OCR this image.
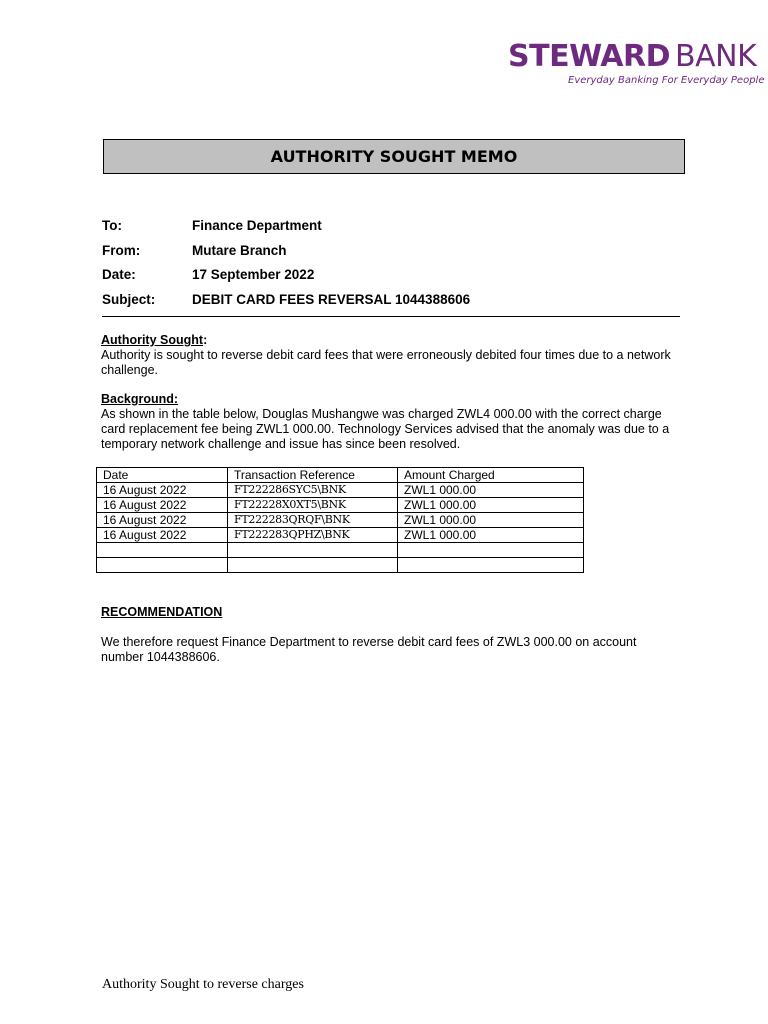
STEWARD BANK
Everyday Banking For Everyday People
AUTHORITY SOUGHT MEMO
To:	Finance Department
From:	Mutare Branch
Date:	17 September 2022
Subject:	DEBIT CARD FEES REVERSAL 1044388606
Authority Sought:
Authority is sought to reverse debit card fees that were erroneously debited four times due to a network
challenge.
Background:
As shown in the table below, Douglas Mushangwe was charged ZWL4 000.00 with the correct charge
card replacement fee being ZWL1 000.00. Technology Services advised that the anomaly was due to a
temporary network challenge and issue has since been resolved.
Date	Transaction Reference	Amount Charged
16 August 2022	FT222286SYC5\BNK	ZWL1 000.00
16 August 2022	FT22228X0XT5\BNK	ZWL1 000.00
16 August 2022	FT222283QRQF\BNK	ZWL1 000.00
16 August 2022	FT222283QPHZ\BNK	ZWL1 000.00

RECOMMENDATION
We therefore request Finance Department to reverse debit card fees of ZWL3 000.00 on account
number 1044388606.
Authority Sought to reverse charges
